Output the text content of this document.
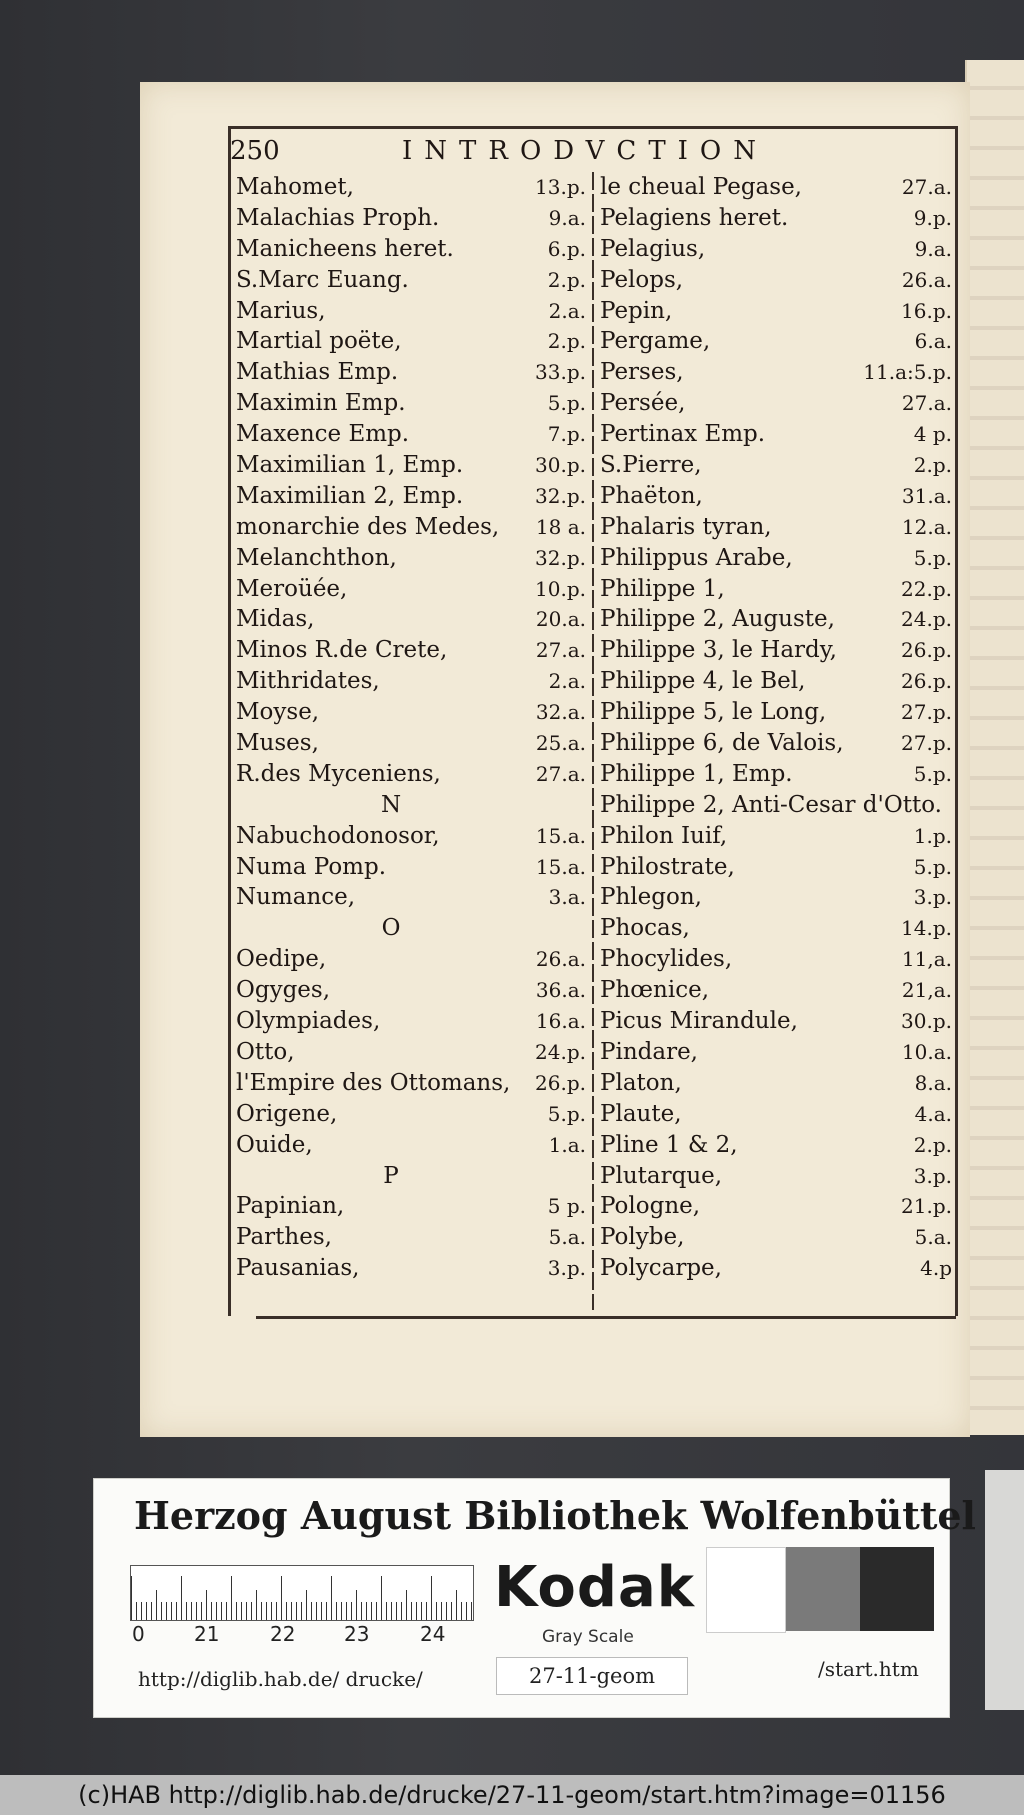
250	INTRODVCTION
Mahomet,	13.p.
Malachias Proph.	9.a.
Manicheens heret.	6.p.
S.Marc Euang.	2.p.
Marius,	2.a.
Martial poëte,	2.p.
Mathias Emp.	33.p.
Maximin Emp.	5.p.
Maxence Emp.	7.p.
Maximilian 1, Emp.	30.p.
Maximilian 2, Emp.	32.p.
monarchie des Medes, 18 a.
Melanchthon,	32.p.
Meroüée,	10.p.
Midas,	20.a.
Minos R.de Crete,	27.a.
Mithridates,	2.a.
Moyse,	32.a.
Muses,	25.a.
R.des Myceniens,	27.a.
N
Nabuchodonosor,	15.a.
Numa Pomp.	15.a.
Numance,	3.a.
O
Oedipe,	26.a.
Ogyges,	36.a.
Olympiades,	16.a.
Otto,	24.p.
l'Empire des Ottomans, 26.p.
Origene,	5.p.
Ouide,	1.a.
P
Papinian,	5 p.
Parthes,	5.a.
Pausanias,	3.p.
le cheual Pegase,	27.a.
Pelagiens heret.	9.p.
Pelagius,	9.a.
Pelops,	26.a.
Pepin,	16.p.
Pergame,	6.a.
Perses,	11.a:5.p.
Persée,	27.a.
Pertinax Emp.	4 p.
S.Pierre,	2.p.
Phaëton,	31.a.
Phalaris tyran,	12.a.
Philippus Arabe,	5.p.
Philippe 1,	22.p.
Philippe 2, Auguste,	24.p.
Philippe 3, le Hardy,	26.p.
Philippe 4, le Bel,	26.p.
Philippe 5, le Long,	27.p.
Philippe 6, de Valois,	27.p.
Philippe 1, Emp.	5.p.
Philippe 2, Anti-Cesar d'Otto.
Philon Iuif,	1.p.
Philostrate,	5.p.
Phlegon,	3.p.
Phocas,	14.p.
Phocylides,	11,a.
Phœnice,	21,a.
Picus Mirandule,	30.p.
Pindare,	10.a.
Platon,	8.a.
Plaute,	4.a.
Pline 1 & 2,	2.p.
Plutarque,	3.p.
Pologne,	21.p.
Polybe,	5.a.
Polycarpe,	4.p
Herzog August Bibliothek Wolfenbüttel
0 21	22 23	24
Kodak
Gray Scale
http://diglib.hab.de/ drucke/	27-11-geom	/start.htm
(c)HAB http://diglib.hab.de/drucke/27-11-geom/start.htm?image=01156
